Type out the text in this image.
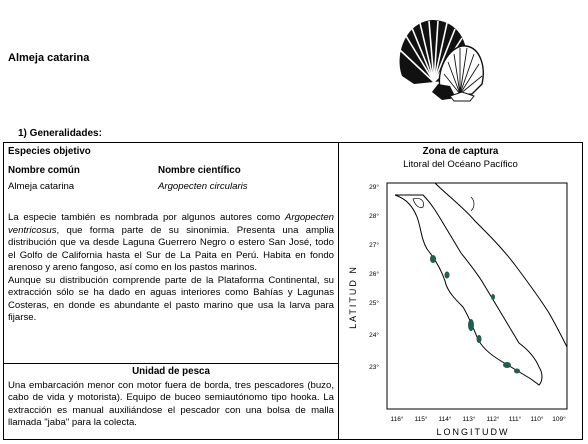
Almeja catarina
1) Generalidades:
Especies objetivo
Nombre común	Nombre científico
Almeja catarina	Argopecten circularis

La especie también es nombrada por algunos autores como Argopecten ventricosus, que forma parte de su sinonimia. Presenta una amplia distribución que va desde Laguna Guerrero Negro o estero San José, todo el Golfo de California hasta el Sur de La Paita en Perú. Habita en fondo arenoso y areno fangoso, así como en los pastos marinos.

Aunque su distribución comprende parte de la Plataforma Continental, su extracción sólo se ha dado en aguas interiores como Bahías y Lagunas Costeras, en donde es abundante el pasto marino que usa la larva para fijarse.

Unidad de pesca
Una embarcación menor con motor fuera de borda, tres pescadores (buzo, cabo de vida y motorista). Equipo de buceo semiautónomo tipo hooka. La extracción es manual auxiliándose el pescador con una bolsa de malla llamada "jaba" para la colecta.
Zona de captura
Litoral del Océano Pacífico
LATITUD N
29°
28°
27°
26°
25°
24°
23°
116° 115° 114° 113° 112° 111° 110° 109°
LONGITUDW
